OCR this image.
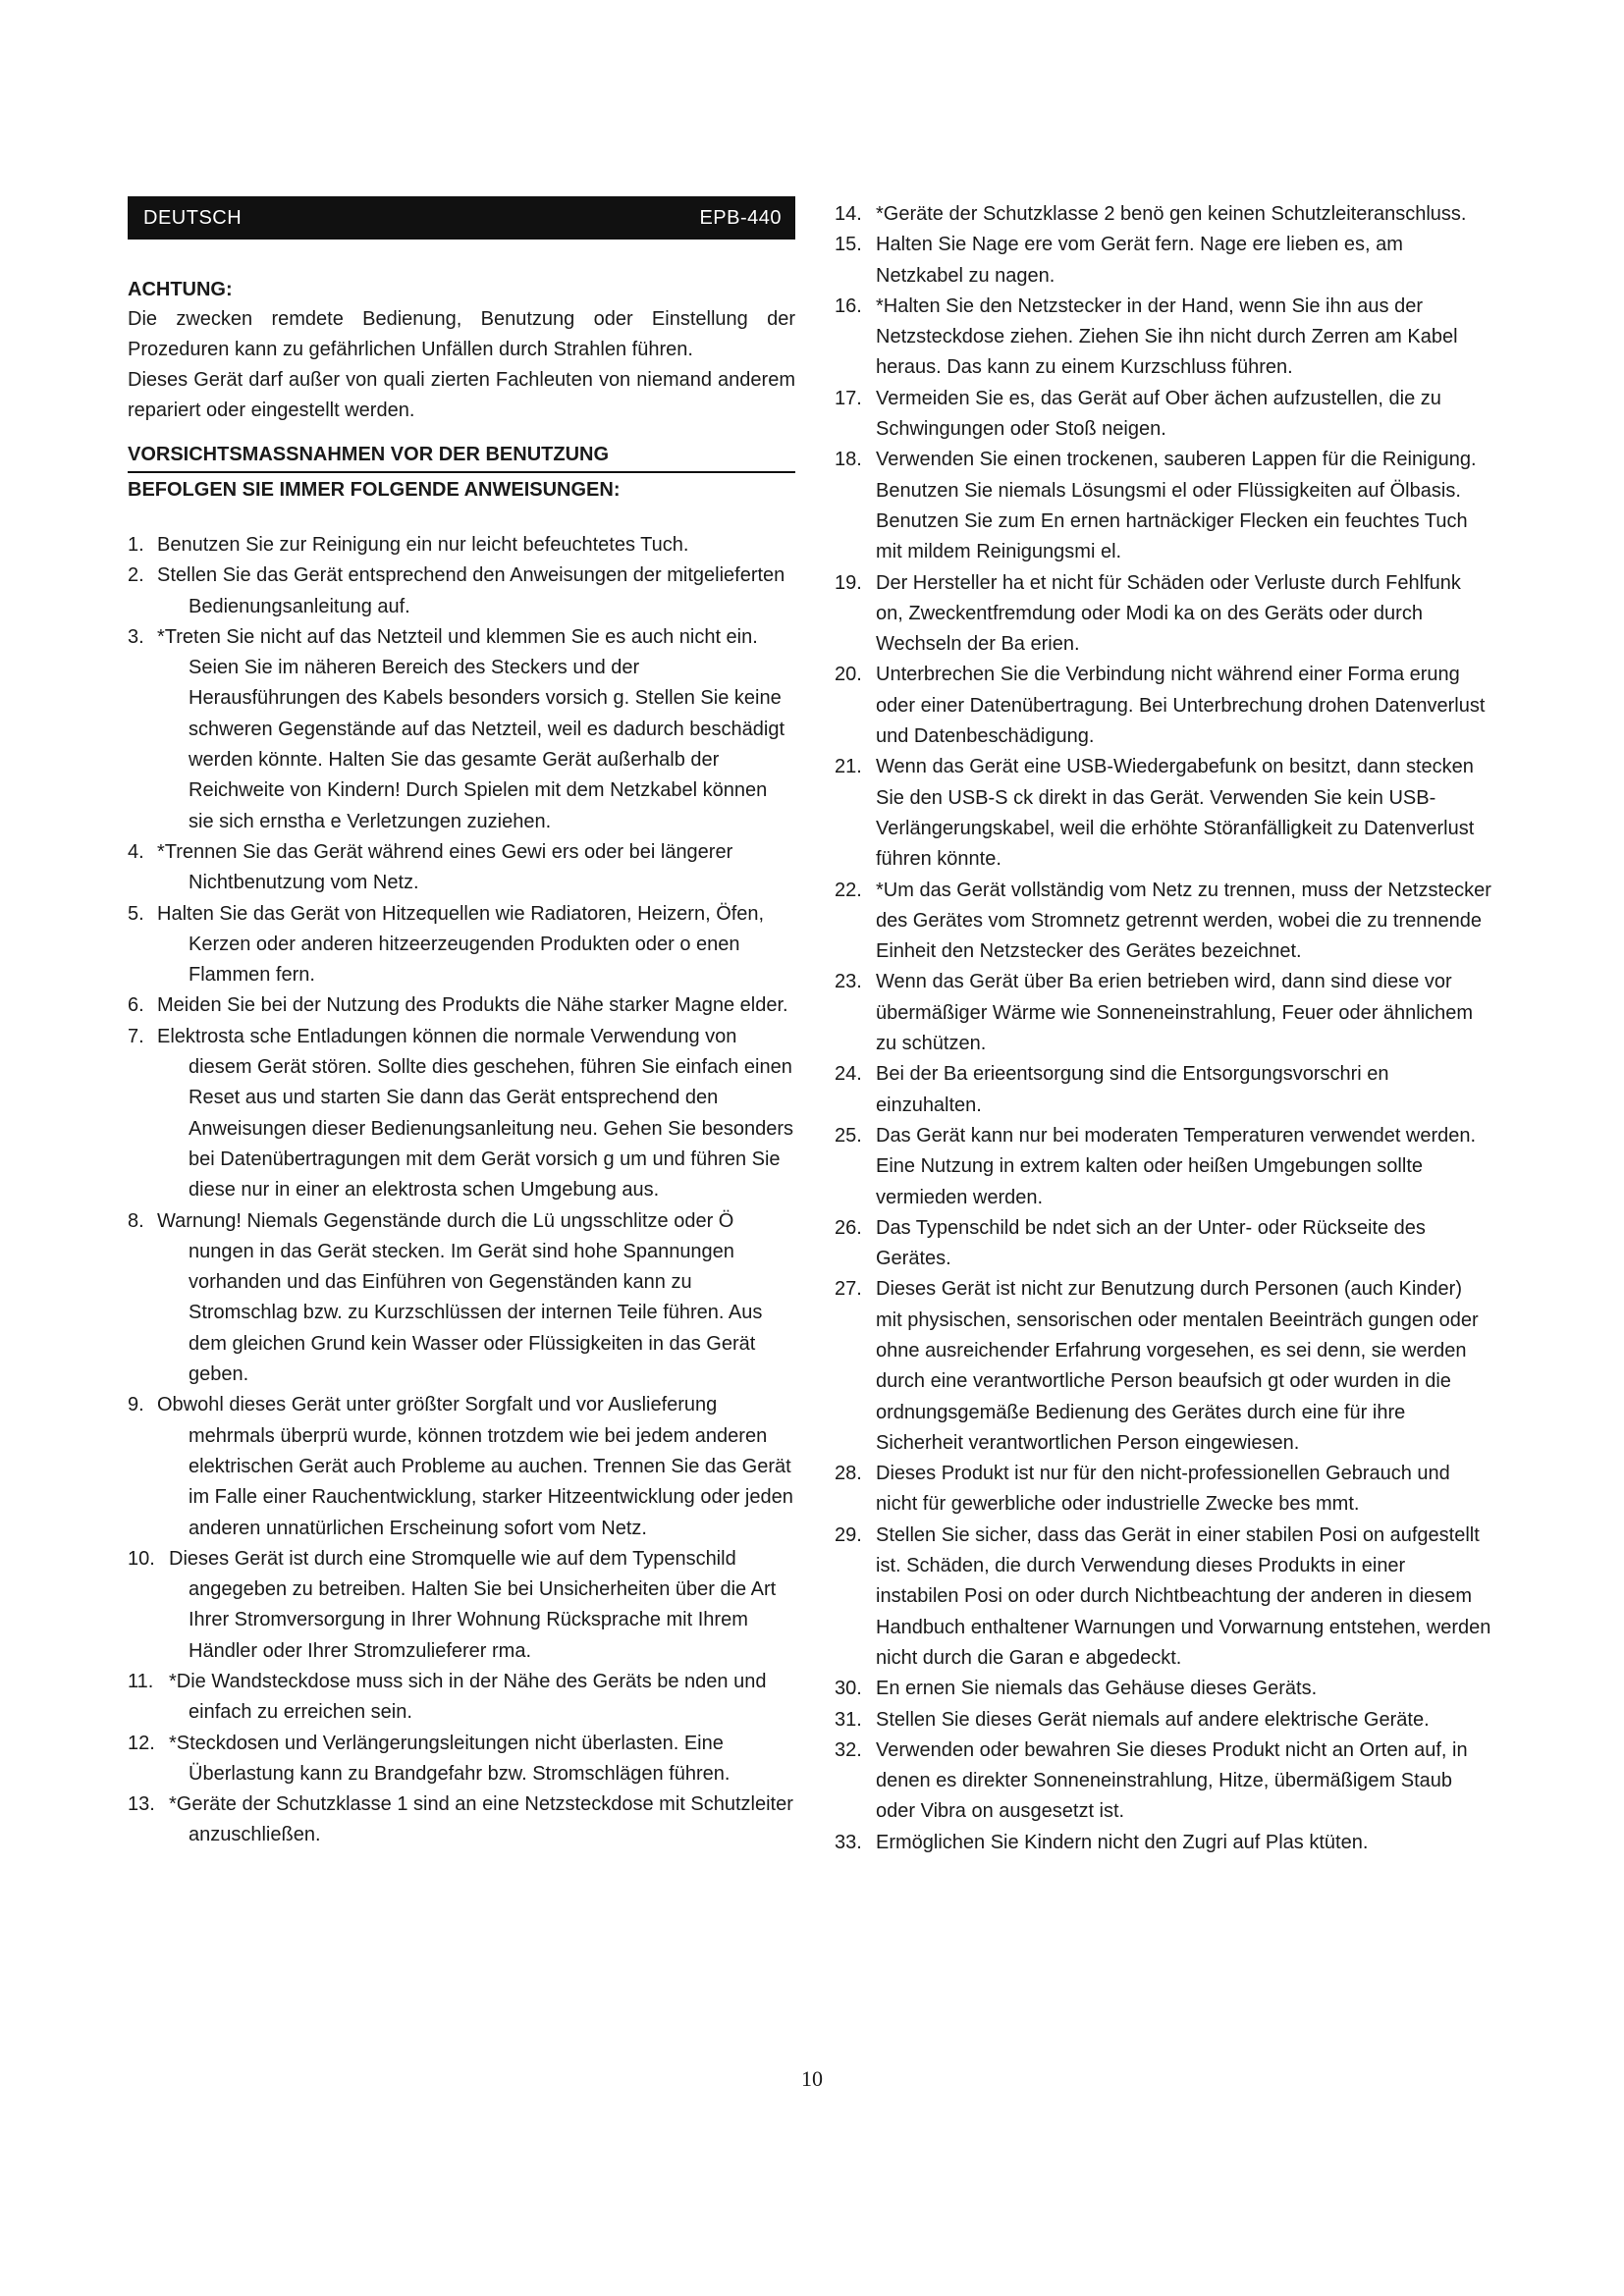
DEUTSCH	EPB-440
ACHTUNG:

Die zwecken remdete Bedienung, Benutzung oder Einstellung der Prozeduren kann zu gefährlichen Unfällen durch Strahlen führen.

Dieses Gerät darf außer von quali zierten Fachleuten von niemand anderem repariert oder eingestellt werden.

VORSICHTSMASSNAHMEN VOR DER BENUTZUNG
BEFOLGEN SIE IMMER FOLGENDE ANWEISUNGEN:
1. Benutzen Sie zur Reinigung ein nur leicht befeuchtetes Tuch.
2. Stellen Sie das Gerät entsprechend den Anweisungen der mitgelieferten Bedienungsanleitung auf.
3. *Treten Sie nicht auf das Netzteil und klemmen Sie es auch nicht ein. Seien Sie im näheren Bereich des Steckers und der Herausführungen des Kabels besonders vorsich g. Stellen Sie keine schweren Gegenstände auf das Netzteil, weil es dadurch beschädigt werden könnte. Halten Sie das gesamte Gerät außerhalb der Reichweite von Kindern! Durch Spielen mit dem Netzkabel können sie sich ernstha e Verletzungen zuziehen.
4. *Trennen Sie das Gerät während eines Gewi ers oder bei längerer Nichtbenutzung vom Netz.
5. Halten Sie das Gerät von Hitzequellen wie Radiatoren, Heizern, Öfen, Kerzen oder anderen hitzeerzeugenden Produkten oder o enen Flammen fern.
6. Meiden Sie bei der Nutzung des Produkts die Nähe starker Magne elder.
7. Elektrosta sche Entladungen können die normale Verwendung von diesem Gerät stören. Sollte dies geschehen, führen Sie einfach einen Reset aus und starten Sie dann das Gerät entsprechend den Anweisungen dieser Bedienungsanleitung neu. Gehen Sie besonders bei Datenübertragungen mit dem Gerät vorsich g um und führen Sie diese nur in einer an elektrosta schen Umgebung aus.
8. Warnung! Niemals Gegenstände durch die Lü ungsschlitze oder Ö nungen in das Gerät stecken. Im Gerät sind hohe Spannungen vorhanden und das Einführen von Gegenständen kann zu Stromschlag bzw. zu Kurzschlüssen der internen Teile führen. Aus dem gleichen Grund kein Wasser oder Flüssigkeiten in das Gerät geben.
9. Obwohl dieses Gerät unter größter Sorgfalt und vor Auslieferung mehrmals überprü wurde, können trotzdem wie bei jedem anderen elektrischen Gerät auch Probleme au auchen. Trennen Sie das Gerät im Falle einer Rauchentwicklung, starker Hitzeentwicklung oder jeden anderen unnatürlichen Erscheinung sofort vom Netz.
10. Dieses Gerät ist durch eine Stromquelle wie auf dem Typenschild angegeben zu betreiben. Halten Sie bei Unsicherheiten über die Art Ihrer Stromversorgung in Ihrer Wohnung Rücksprache mit Ihrem Händler oder Ihrer Stromzulieferer rma.
11. *Die Wandsteckdose muss sich in der Nähe des Geräts be nden und einfach zu erreichen sein.
12. *Steckdosen und Verlängerungsleitungen nicht überlasten. Eine Überlastung kann zu Brandgefahr bzw. Stromschlägen führen.
13. *Geräte der Schutzklasse 1 sind an eine Netzsteckdose mit Schutzleiter anzuschließen.
14. *Geräte der Schutzklasse 2 benö gen keinen Schutzleiteranschluss.
15. Halten Sie Nage ere vom Gerät fern. Nage ere lieben es, am Netzkabel zu nagen.
16. *Halten Sie den Netzstecker in der Hand, wenn Sie ihn aus der Netzsteckdose ziehen. Ziehen Sie ihn nicht durch Zerren am Kabel heraus. Das kann zu einem Kurzschluss führen.
17. Vermeiden Sie es, das Gerät auf Ober ächen aufzustellen, die zu Schwingungen oder Stoß neigen.
18. Verwenden Sie einen trockenen, sauberen Lappen für die Reinigung. Benutzen Sie niemals Lösungsmi el oder Flüssigkeiten auf Ölbasis. Benutzen Sie zum En ernen hartnäckiger Flecken ein feuchtes Tuch mit mildem Reinigungsmi el.
19. Der Hersteller ha et nicht für Schäden oder Verluste durch Fehlfunk on, Zweckentfremdung oder Modi ka on des Geräts oder durch Wechseln der Ba erien.
20. Unterbrechen Sie die Verbindung nicht während einer Forma erung oder einer Datenübertragung. Bei Unterbrechung drohen Datenverlust und Datenbeschädigung.
21. Wenn das Gerät eine USB-Wiedergabefunk on besitzt, dann stecken Sie den USB-S ck direkt in das Gerät. Verwenden Sie kein USB-Verlängerungskabel, weil die erhöhte Störanfälligkeit zu Datenverlust führen könnte.
22. *Um das Gerät vollständig vom Netz zu trennen, muss der Netzstecker des Gerätes vom Stromnetz getrennt werden, wobei die zu trennende Einheit den Netzstecker des Gerätes bezeichnet.
23. Wenn das Gerät über Ba erien betrieben wird, dann sind diese vor übermäßiger Wärme wie Sonneneinstrahlung, Feuer oder ähnlichem zu schützen.
24. Bei der Ba erieentsorgung sind die Entsorgungsvorschri en einzuhalten.
25. Das Gerät kann nur bei moderaten Temperaturen verwendet werden. Eine Nutzung in extrem kalten oder heißen Umgebungen sollte vermieden werden.
26. Das Typenschild be ndet sich an der Unter- oder Rückseite des Gerätes.
27. Dieses Gerät ist nicht zur Benutzung durch Personen (auch Kinder) mit physischen, sensorischen oder mentalen Beeinträch gungen oder ohne ausreichender Erfahrung vorgesehen, es sei denn, sie werden durch eine verantwortliche Person beaufsich gt oder wurden in die ordnungsgemäße Bedienung des Gerätes durch eine für ihre Sicherheit verantwortlichen Person eingewiesen.
28. Dieses Produkt ist nur für den nicht-professionellen Gebrauch und nicht für gewerbliche oder industrielle Zwecke bes mmt.
29. Stellen Sie sicher, dass das Gerät in einer stabilen Posi on aufgestellt ist. Schäden, die durch Verwendung dieses Produkts in einer instabilen Posi on oder durch Nichtbeachtung der anderen in diesem Handbuch enthaltener Warnungen und Vorwarnung entstehen, werden nicht durch die Garan e abgedeckt.
30. En ernen Sie niemals das Gehäuse dieses Geräts.
31. Stellen Sie dieses Gerät niemals auf andere elektrische Geräte.
32. Verwenden oder bewahren Sie dieses Produkt nicht an Orten auf, in denen es direkter Sonneneinstrahlung, Hitze, übermäßigem Staub oder Vibra on ausgesetzt ist.
33. Ermöglichen Sie Kindern nicht den Zugri auf Plas ktüten.
10
